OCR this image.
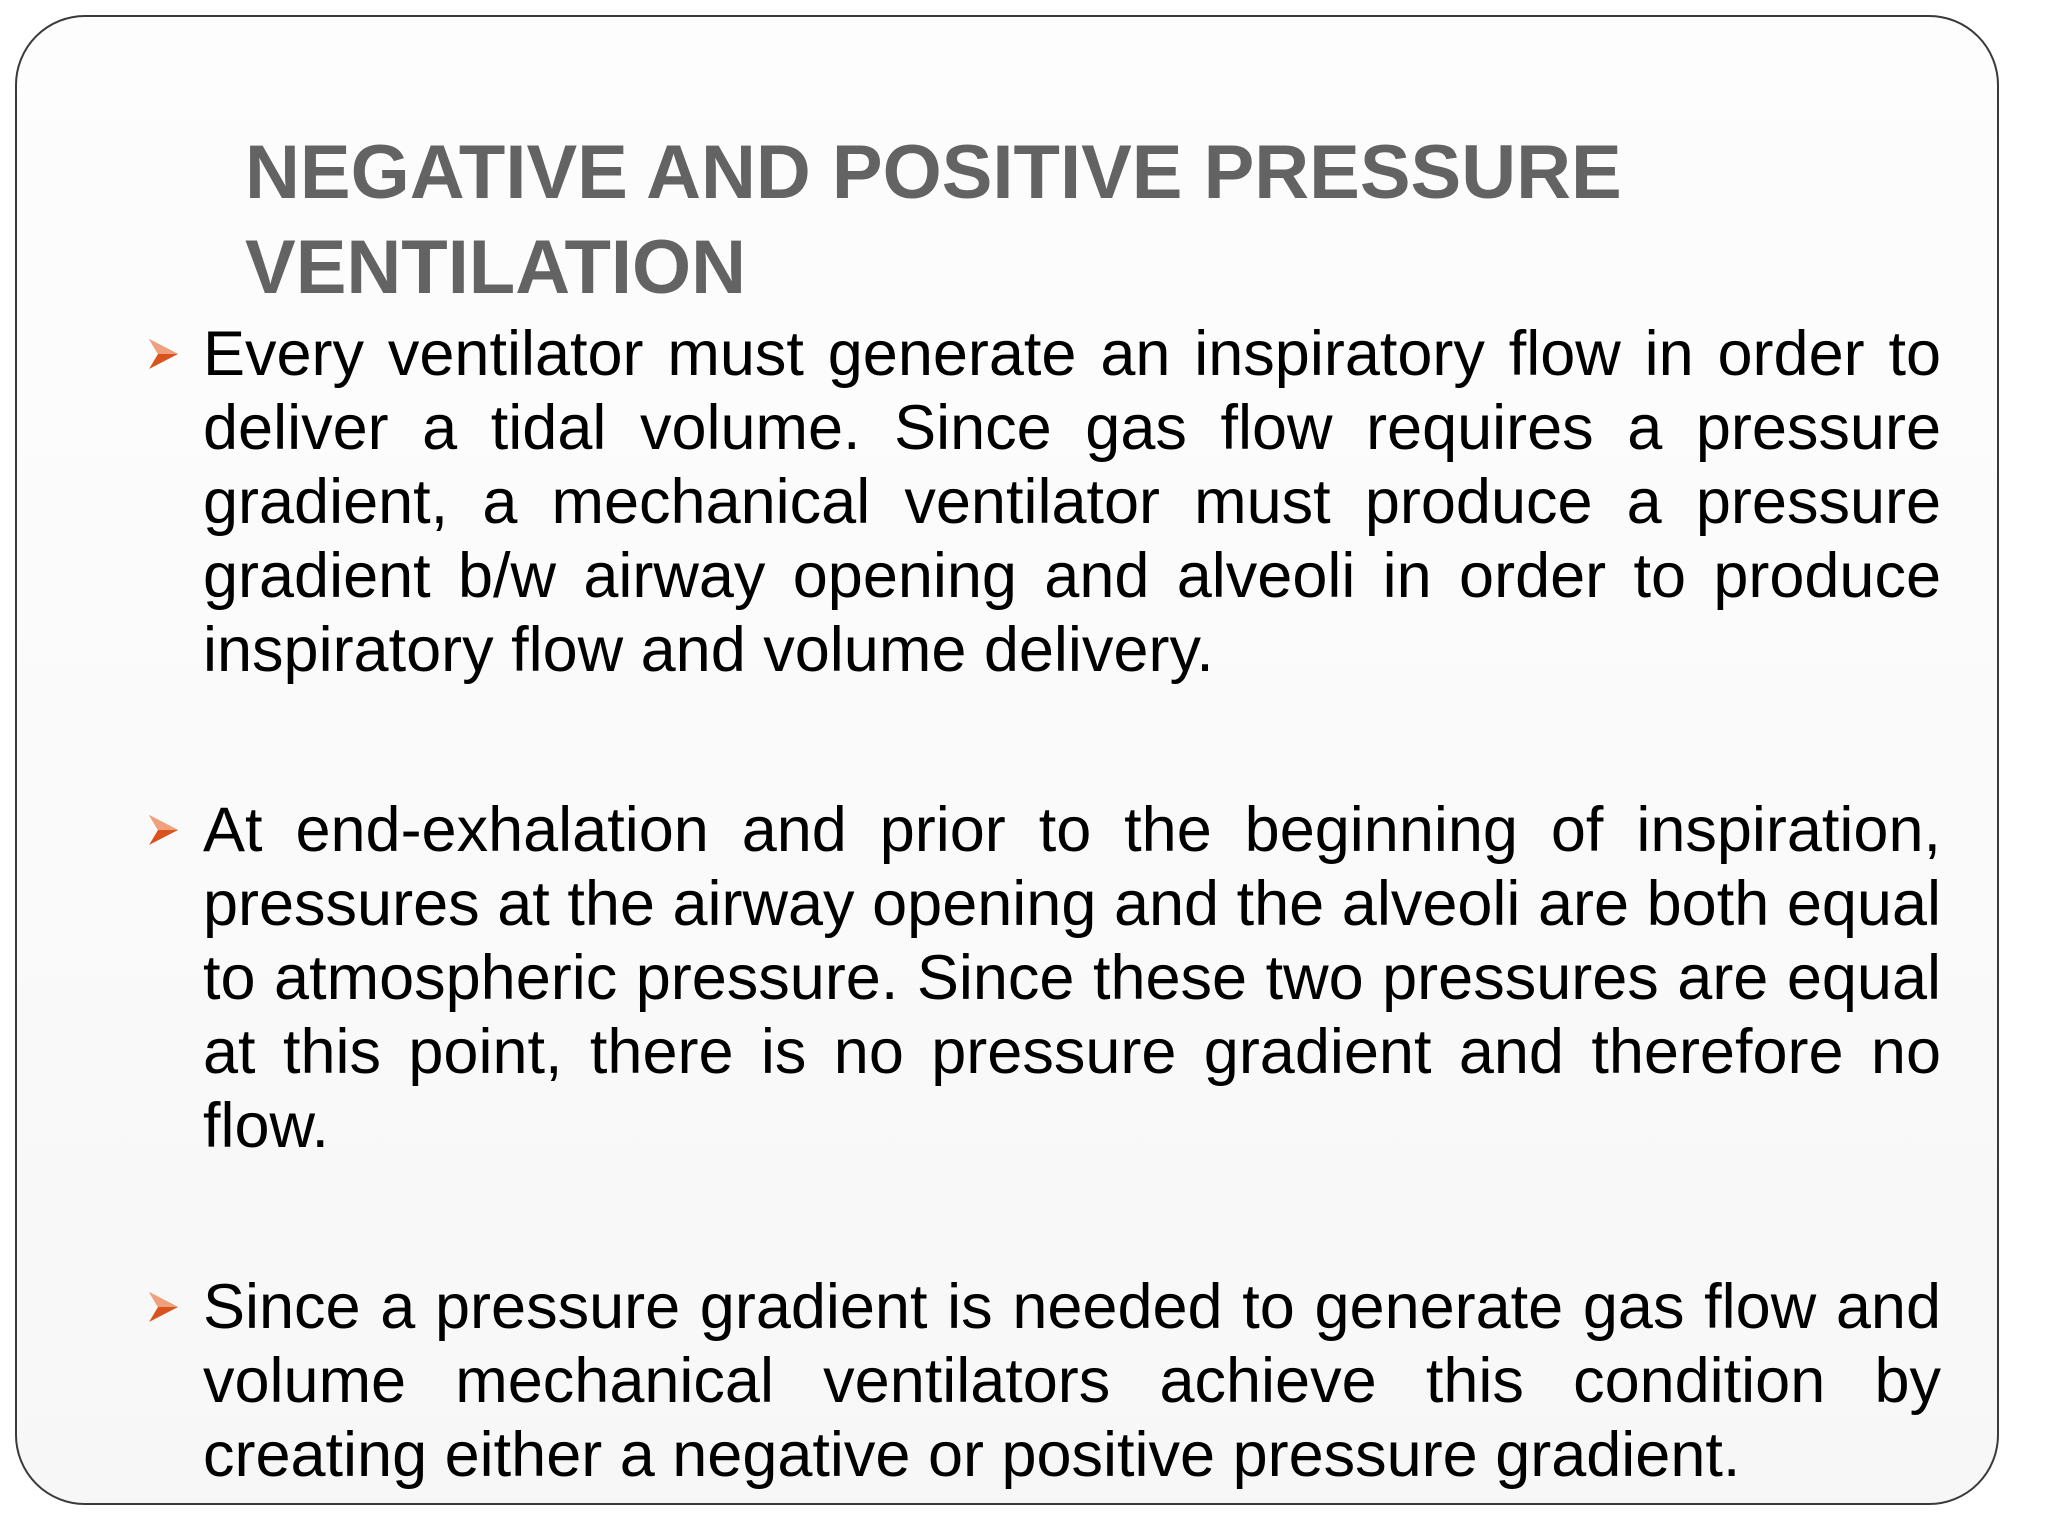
NEGATIVE AND POSITIVE PRESSURE VENTILATION

Every ventilator must generate an inspiratory flow in order to deliver a tidal volume. Since gas flow requires a pressure gradient, a mechanical ventilator must produce a pressure gradient b/w airway opening and alveoli in order to produce inspiratory flow and volume delivery.

At end-exhalation and prior to the beginning of inspiration, pressures at the airway opening and the alveoli are both equal to atmospheric pressure. Since these two pressures are equal at this point, there is no pressure gradient and therefore no flow.

Since a pressure gradient is needed to generate gas flow and volume mechanical ventilators achieve this condition by creating either a negative or positive pressure gradient.
